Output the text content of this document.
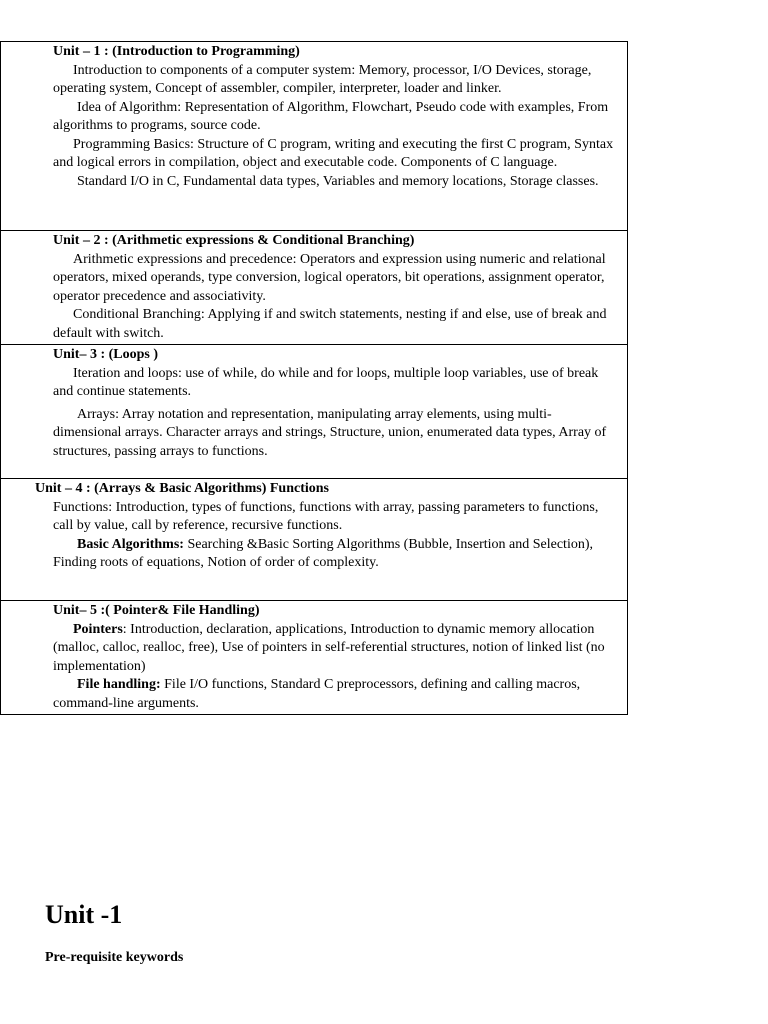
Unit – 1 : (Introduction to Programming)
Introduction to components of a computer system: Memory, processor, I/O Devices, storage, operating system, Concept of assembler, compiler, interpreter, loader and linker.
Idea of Algorithm: Representation of Algorithm, Flowchart, Pseudo code with examples, From algorithms to programs, source code.
Programming Basics: Structure of C program, writing and executing the first C program, Syntax and logical errors in compilation, object and executable code. Components of C language.
Standard I/O in C, Fundamental data types, Variables and memory locations, Storage classes.
Unit – 2 : (Arithmetic expressions & Conditional Branching)
Arithmetic expressions and precedence: Operators and expression using numeric and relational operators, mixed operands, type conversion, logical operators, bit operations, assignment operator, operator precedence and associativity.
Conditional Branching: Applying if and switch statements, nesting if and else, use of break and default with switch.
Unit– 3 : (Loops )
Iteration and loops: use of while, do while and for loops, multiple loop variables, use of break and continue statements.
Arrays: Array notation and representation, manipulating array elements, using multi- dimensional arrays. Character arrays and strings, Structure, union, enumerated data types, Array of structures, passing arrays to functions.
Unit – 4 : (Arrays & Basic Algorithms) Functions
Functions: Introduction, types of functions, functions with array, passing parameters to functions, call by value, call by reference, recursive functions.
Basic Algorithms: Searching &Basic Sorting Algorithms (Bubble, Insertion and Selection), Finding roots of equations, Notion of order of complexity.
Unit– 5 :( Pointer& File Handling)
Pointers: Introduction, declaration, applications, Introduction to dynamic memory allocation (malloc, calloc, realloc, free), Use of pointers in self-referential structures, notion of linked list (no implementation)
File handling: File I/O functions, Standard C preprocessors, defining and calling macros, command-line arguments.
Unit -1
Pre-requisite keywords
